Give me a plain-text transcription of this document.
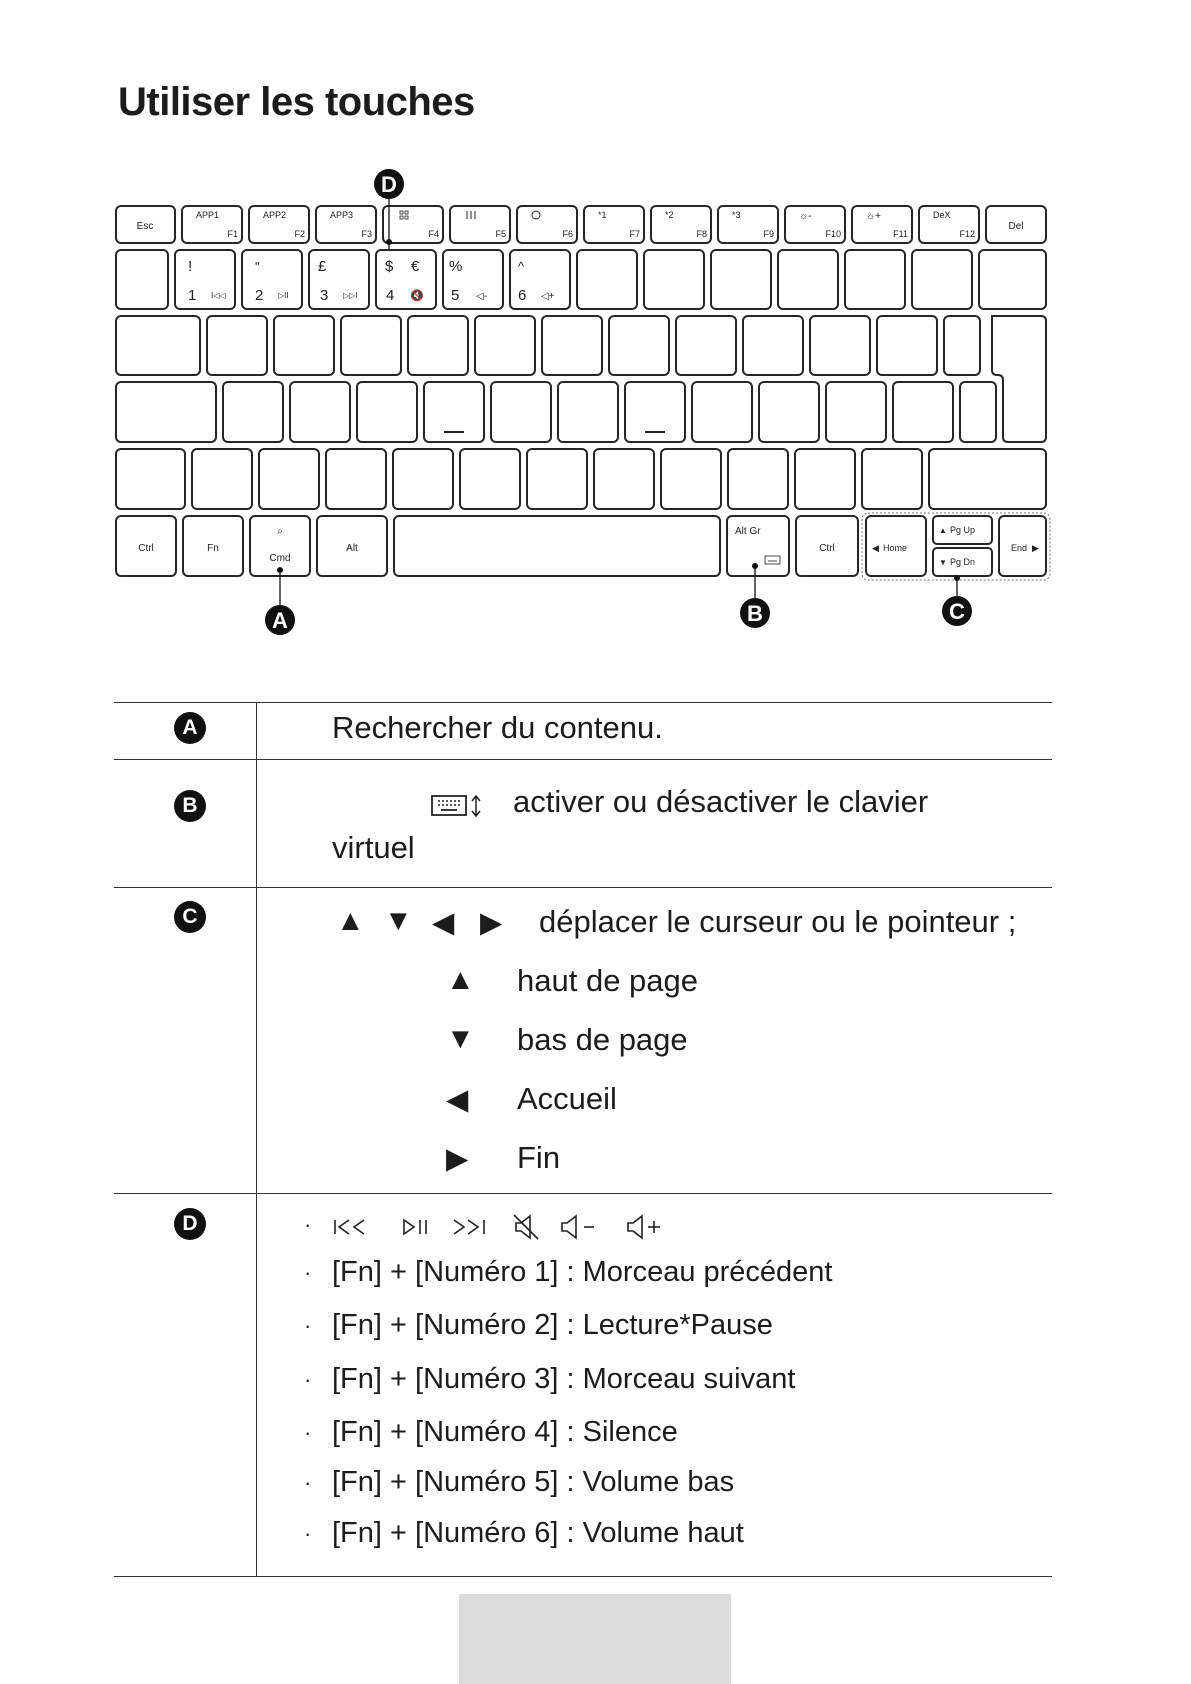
Utiliser les touches
Esc
APP1
F1
APP2
F2
APP3
F3	F4	F5	F6
*1
F7
*2
F8
*3
F9
☼-
F10
☼+
F11
DeX
F12
Del
!
1 I◁◁
"
2 ▷II
£
3 ▷▷I
$ €
4 🔇
%
5 ◁-
^
6 ◁+
Ctrl	Fn
⌕
Cmd
Alt
Alt Gr
Ctrl	◀ Home
▲ Pg Up
▼ Pg Dn
End ▶
D
A	B	C
A	Rechercher du contenu.
B	activer ou désactiver le clavier
virtuel
C	▲ ▼ ◀ ▶ déplacer le curseur ou le pointeur ;
▲ haut de page
▼ bas de page
◀ Accueil
▶ Fin
D	·
· [Fn] + [Numéro 1] : Morceau précédent
· [Fn] + [Numéro 2] : Lecture*Pause
· [Fn] + [Numéro 3] : Morceau suivant
· [Fn] + [Numéro 4] : Silence
· [Fn] + [Numéro 5] : Volume bas
· [Fn] + [Numéro 6] : Volume haut
